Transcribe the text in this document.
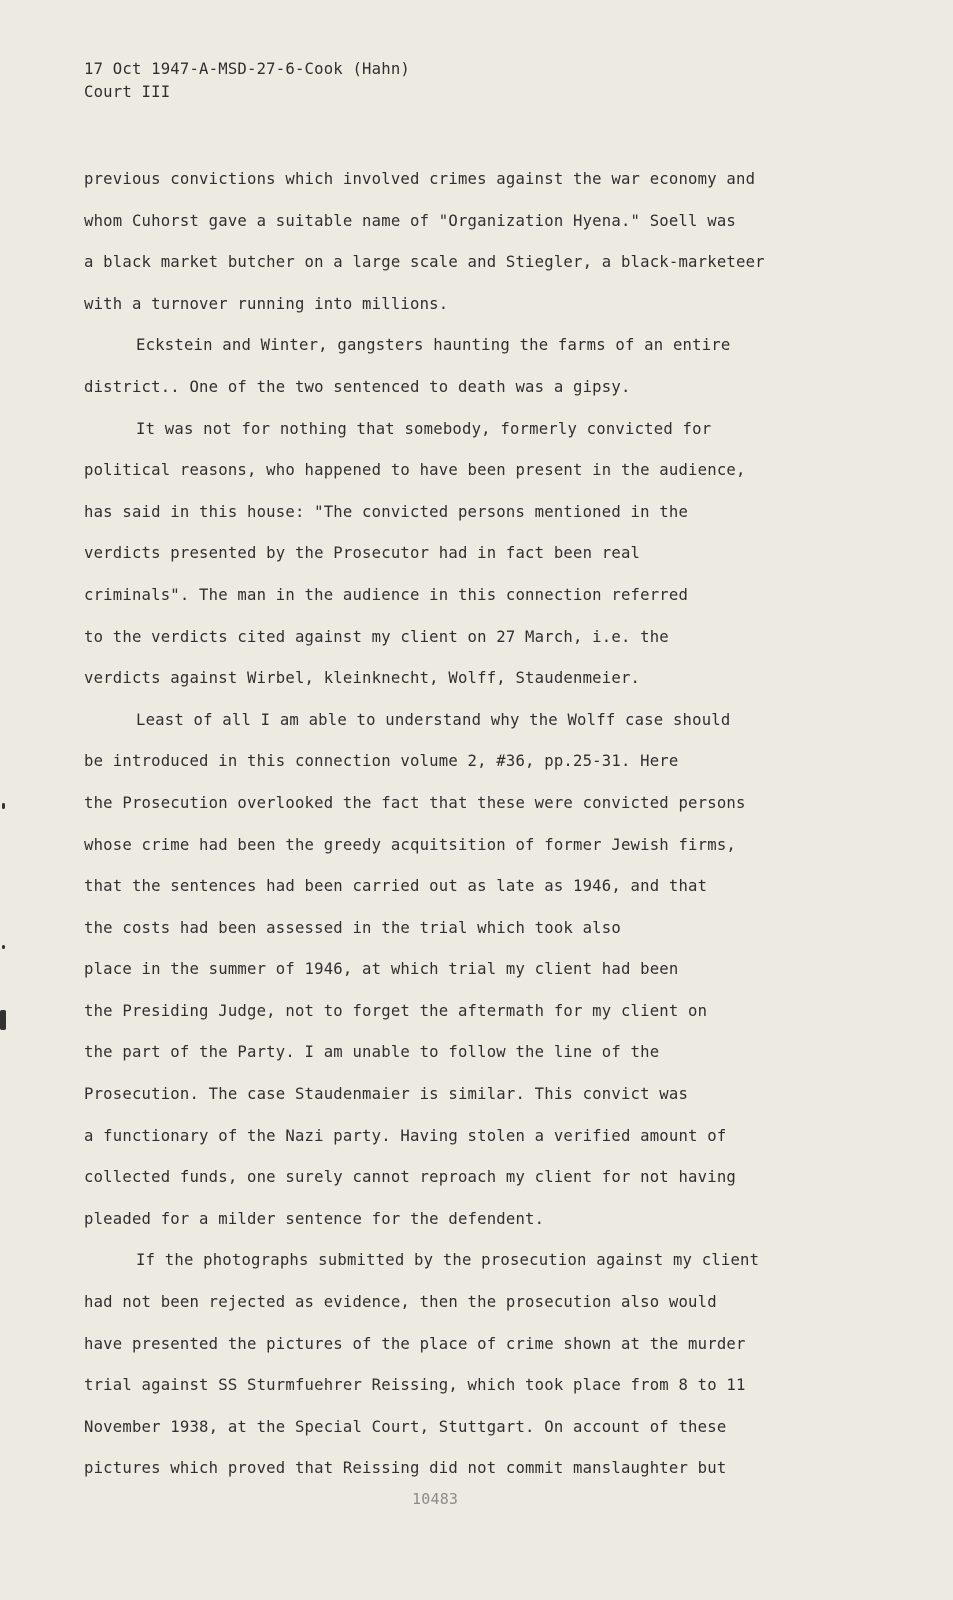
17 Oct 1947-A-MSD-27-6-Cook (Hahn)
Court III
previous convictions which involved crimes against the war economy and
whom Cuhorst gave a suitable name of "Organization Hyena." Soell was
a black market butcher on a large scale and Stiegler, a black-marketeer
with a turnover running into millions.
Eckstein and Winter, gangsters haunting the farms of an entire
district.. One of the two sentenced to death was a gipsy.
It was not for nothing that somebody, formerly convicted for
political reasons, who happened to have been present in the audience,
has said in this house: "The convicted persons mentioned in the
verdicts presented by the Prosecutor had in fact been real
criminals". The man in the audience in this connection referred
to the verdicts cited against my client on 27 March, i.e. the
verdicts against Wirbel, kleinknecht, Wolff, Staudenmeier.
Least of all I am able to understand why the Wolff case should
be introduced in this connection volume 2, #36, pp.25-31. Here
the Prosecution overlooked the fact that these were convicted persons
whose crime had been the greedy acquitsition of former Jewish firms,
that the sentences had been carried out as late as 1946, and that
the costs had been assessed in the trial which took also
place in the summer of 1946, at which trial my client had been
the Presiding Judge, not to forget the aftermath for my client on
the part of the Party. I am unable to follow the line of the
Prosecution. The case Staudenmaier is similar. This convict was
a functionary of the Nazi party. Having stolen a verified amount of
collected funds, one surely cannot reproach my client for not having
pleaded for a milder sentence for the defendent.
If the photographs submitted by the prosecution against my client
had not been rejected as evidence, then the prosecution also would
have presented the pictures of the place of crime shown at the murder
trial against SS Sturmfuehrer Reissing, which took place from 8 to 11
November 1938, at the Special Court, Stuttgart. On account of these
pictures which proved that Reissing did not commit manslaughter but
10483
